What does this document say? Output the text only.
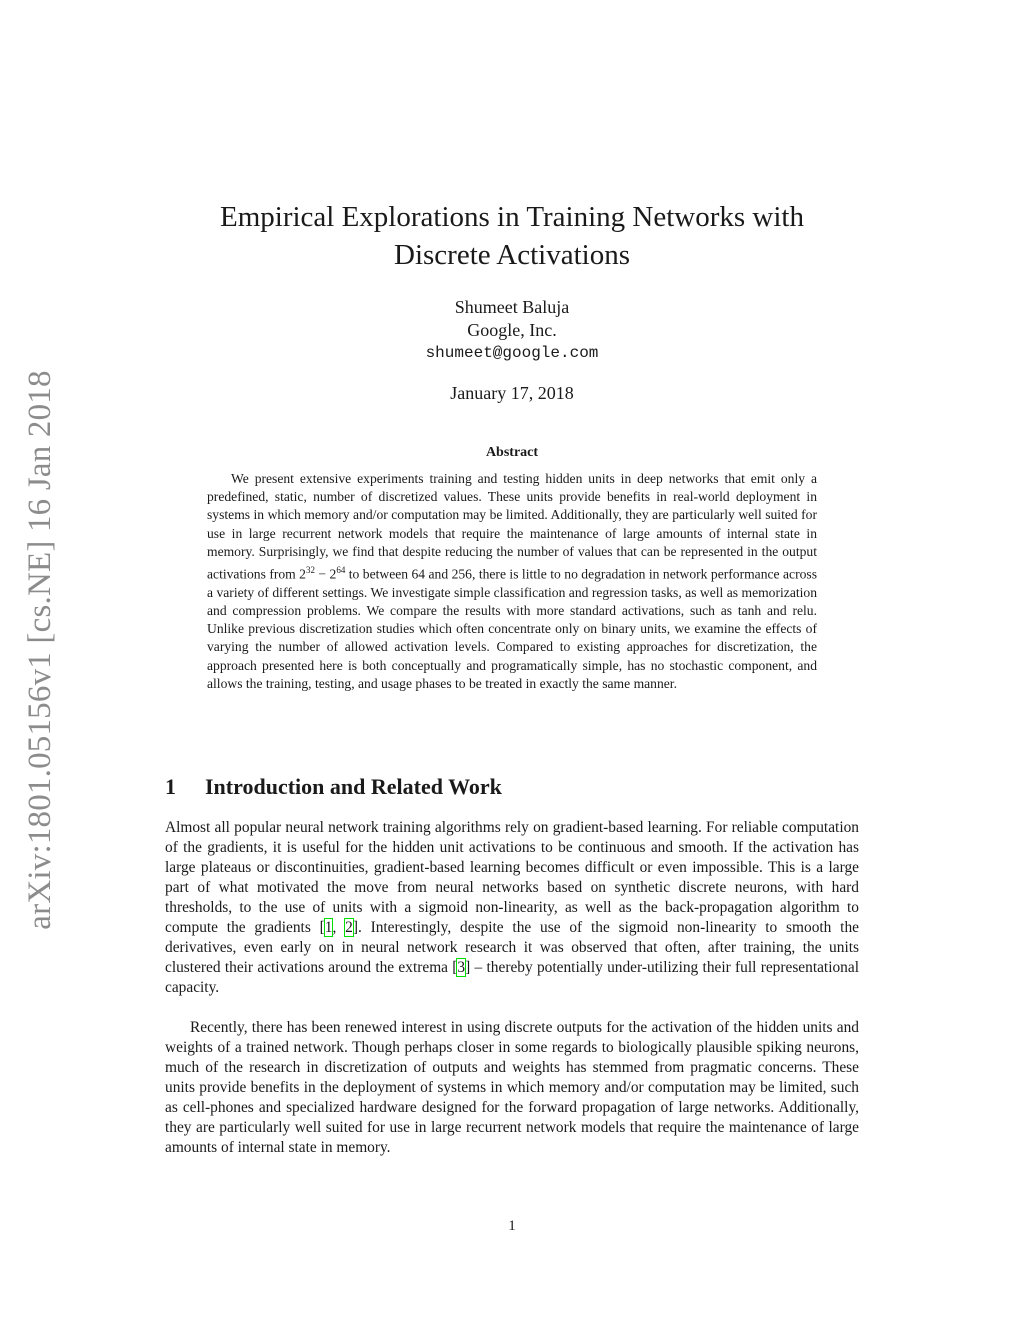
arXiv:1801.05156v1 [cs.NE] 16 Jan 2018
Empirical Explorations in Training Networks with
Discrete Activations
Shumeet Baluja
Google, Inc.
shumeet@google.com
January 17, 2018
Abstract

We present extensive experiments training and testing hidden units in deep networks that emit only a predefined, static, number of discretized values. These units provide benefits in real-world deployment in systems in which memory and/or computation may be limited. Additionally, they are particularly well suited for use in large recurrent network models that require the maintenance of large amounts of internal state in memory. Surprisingly, we find that despite reducing the number of values that can be represented in the output activations from $2^{32} - 2^{64}$ to between 64 and 256, there is little to no degradation in network performance across a variety of different settings. We investigate simple classification and regression tasks, as well as memorization and compression problems. We compare the results with more standard activations, such as tanh and relu. Unlike previous discretization studies which often concentrate only on binary units, we examine the effects of varying the number of allowed activation levels. Compared to existing approaches for discretization, the approach presented here is both conceptually and programatically simple, has no stochastic component, and allows the training, testing, and usage phases to be treated in exactly the same manner.

1 Introduction and Related Work

Almost all popular neural network training algorithms rely on gradient-based learning. For reliable computation of the gradients, it is useful for the hidden unit activations to be continuous and smooth. If the activation has large plateaus or discontinuities, gradient-based learning becomes difficult or even impossible. This is a large part of what motivated the move from neural networks based on synthetic discrete neurons, with hard thresholds, to the use of units with a sigmoid non-linearity, as well as the back-propagation algorithm to compute the gradients [1, 2]. Interestingly, despite the use of the sigmoid non-linearity to smooth the derivatives, even early on in neural network research it was observed that often, after training, the units clustered their activations around the extrema [3] – thereby potentially under-utilizing their full representational capacity.

Recently, there has been renewed interest in using discrete outputs for the activation of the hidden units and weights of a trained network. Though perhaps closer in some regards to biologically plausible spiking neurons, much of the research in discretization of outputs and weights has stemmed from pragmatic concerns. These units provide benefits in the deployment of systems in which memory and/or computation may be limited, such as cell-phones and specialized hardware designed for the forward propagation of large networks. Additionally, they are particularly well suited for use in large recurrent network models that require the maintenance of large amounts of internal state in memory.

1
